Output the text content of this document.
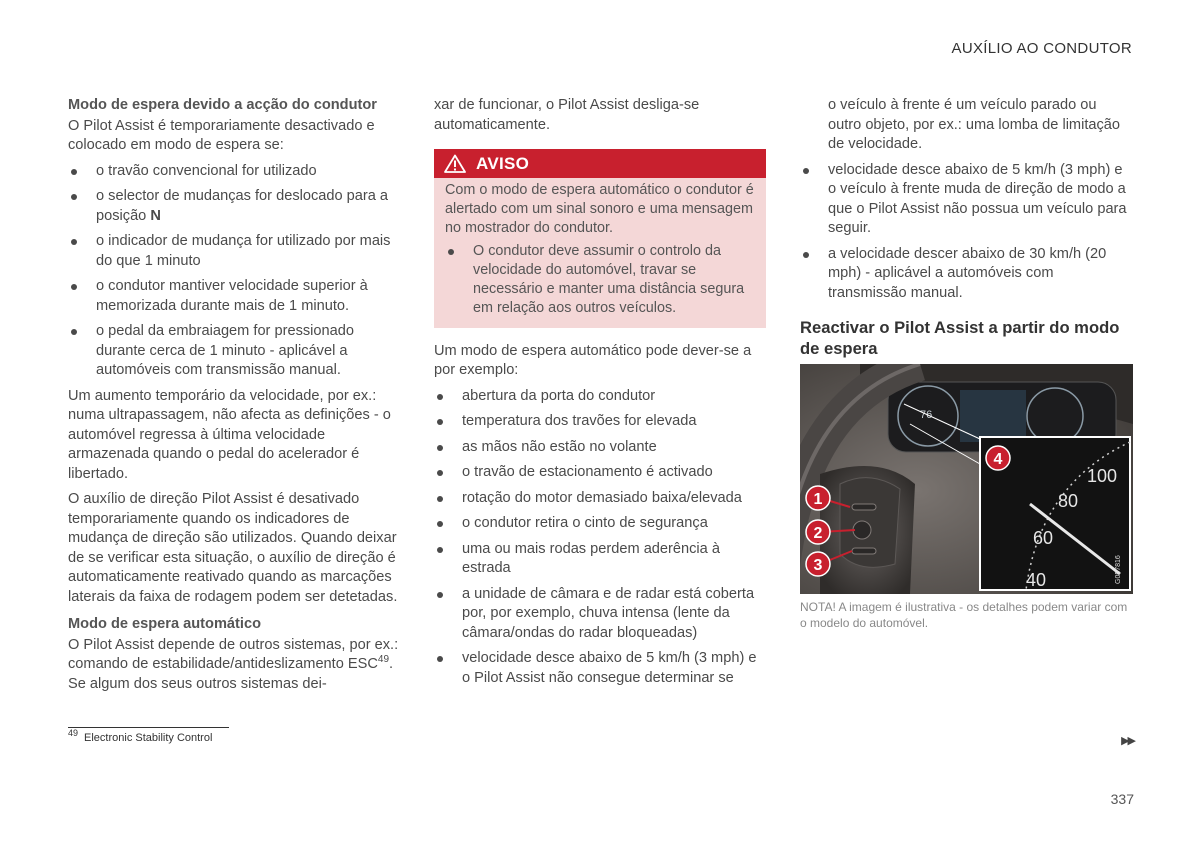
AUXÍLIO AO CONDUTOR
Modo de espera devido a acção do condutor

O Pilot Assist é temporariamente desactivado e colocado em modo de espera se:

o travão convencional for utilizado
o selector de mudanças for deslocado para a posição N
o indicador de mudança for utilizado por mais do que 1 minuto
o condutor mantiver velocidade superior à memorizada durante mais de 1 minuto.
o pedal da embraiagem for pressionado durante cerca de 1 minuto - aplicável a automóveis com transmissão manual.

Um aumento temporário da velocidade, por ex.: numa ultrapassagem, não afecta as definições - o automóvel regressa à última velocidade armazenada quando o pedal do acelerador é libertado.

O auxílio de direção Pilot Assist é desativado temporariamente quando os indicadores de mudança de direção são utilizados. Quando deixar de se verificar esta situação, o auxílio de direção é automaticamente reativado quando as marcações laterais da faixa de rodagem podem ser detetadas.

Modo de espera automático

O Pilot Assist depende de outros sistemas, por ex.: comando de estabilidade/antideslizamento ESC$^{49}$. Se algum dos seus outros sistemas dei-

xar de funcionar, o Pilot Assist desliga-se automaticamente.

AVISO

Com o modo de espera automático o condutor é alertado com um sinal sonoro e uma mensagem no mostrador do condutor.

O condutor deve assumir o controlo da velocidade do automóvel, travar se necessário e manter uma distância segura em relação aos outros veículos.

Um modo de espera automático pode dever-se a por exemplo:

abertura da porta do condutor
temperatura dos travões for elevada
as mãos não estão no volante
o travão de estacionamento é activado
rotação do motor demasiado baixa/elevada
o condutor retira o cinto de segurança
uma ou mais rodas perdem aderência à estrada
a unidade de câmara e de radar está coberta por, por exemplo, chuva intensa (lente da câmara/ondas do radar bloqueadas)
velocidade desce abaixo de 5 km/h (3 mph) e o Pilot Assist não consegue determinar se

o veículo à frente é um veículo parado ou outro objeto, por ex.: uma lomba de limitação de velocidade.

velocidade desce abaixo de 5 km/h (3 mph) e o veículo à frente muda de direção de modo a que o Pilot Assist não possua um veículo para seguir.
a velocidade descer abaixo de 30 km/h (20 mph) - aplicável a automóveis com transmissão manual.
Reactivar o Pilot Assist a partir do modo de espera
76
100
80
60
40	G057816
1
2
3
4
NOTA! A imagem é ilustrativa - os detalhes podem variar com o modelo do automóvel.
$^{49}$ Electronic Stability Control	▶▶
337
